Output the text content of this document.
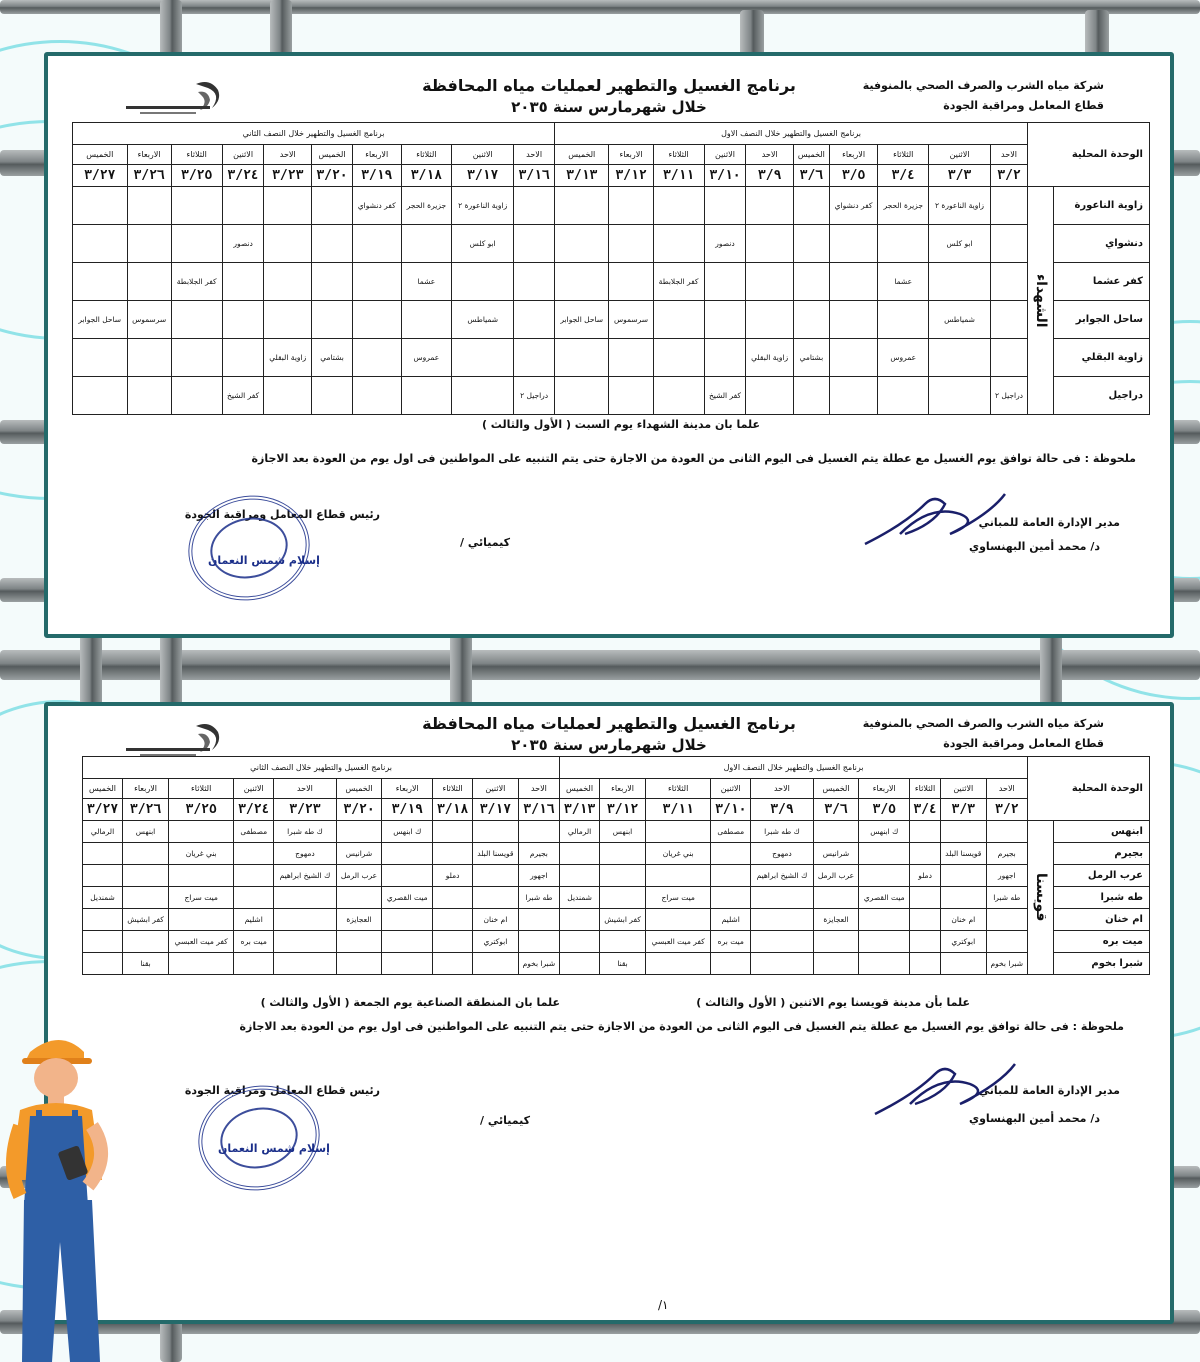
شركة مياه الشرب والصرف الصحي بالمنوفية
قطاع المعامل ومراقبة الجودة
برنامج الغسيل والتطهير لعمليات مياه المحافظة
خلال شهرمارس سنة ٢٠٣٥
الوحدة المحلية		برنامج الغسيل والتطهير خلال النصف الاول										برنامج الغسيل والتطهير خلال النصف الثاني									
		الاحد	الاثنين	الثلاثاء	الاربعاء	الخميس	الاحد	الاثنين	الثلاثاء	الاربعاء	الخميس	الاحد	الاثنين	الثلاثاء	الاربعاء	الخميس	الاحد	الاثنين	الثلاثاء	الاربعاء	الخميس
		٣/٢	٣/٣	٣/٤	٣/٥	٣/٦	٣/٩	٣/١٠	٣/١١	٣/١٢	٣/١٣	٣/١٦	٣/١٧	٣/١٨	٣/١٩	٣/٢٠	٣/٢٣	٣/٢٤	٣/٢٥	٣/٢٦	٣/٢٧
زاوية الناعورة	الشهداء		زاوية الناعورة ٢	جزيرة الحجر	كفر دنشواي								زاوية الناعورة ٢	جزيرة الحجر	كفر دنشواي						
دنشواي			ابو كلس					دنصور					ابو كلس					دنصور			
كفر عشما				عشما					كفر الجلابطة					عشما					كفر الجلابطة		
ساحل الجوابر			شمياطس							سرسموس	ساحل الجوابر		شمياطس							سرسموس	ساحل الجوابر
زاوية البقلي				عمروس		بشتامي	زاوية البقلي							عمروس		بشتامي	زاوية البقلي				
دراجيل		دراجيل ٢						كفر الشيخ				دراجيل ٢						كفر الشيخ			
علما بان مدينة الشهداء يوم السبت ( الأول والثالث )
ملحوظة : فى حالة توافق يوم الغسيل مع عطلة يتم الغسيل فى اليوم الثانى من العودة من الاجازة حتى يتم التنبيه على المواطنين فى اول يوم من العودة بعد الاجازة
مدير الإدارة العامة للمباني
د/ محمد أمين البهنساوي
رئيس قطاع المعامل ومراقبة الجودة
كيميائي /
إسلام شمس النعمان
شركة مياه الشرب والصرف الصحي بالمنوفية
قطاع المعامل ومراقبة الجودة
برنامج الغسيل والتطهير لعمليات مياه المحافظة
خلال شهرمارس سنة ٢٠٣٥
الوحدة المحلية		برنامج الغسيل والتطهير خلال النصف الاول										برنامج الغسيل والتطهير خلال النصف الثاني									
		الاحد	الاثنين	الثلاثاء	الاربعاء	الخميس	الاحد	الاثنين	الثلاثاء	الاربعاء	الخميس	الاحد	الاثنين	الثلاثاء	الاربعاء	الخميس	الاحد	الاثنين	الثلاثاء	الاربعاء	الخميس
		٣/٢	٣/٣	٣/٤	٣/٥	٣/٦	٣/٩	٣/١٠	٣/١١	٣/١٢	٣/١٣	٣/١٦	٣/١٧	٣/١٨	٣/١٩	٣/٢٠	٣/٢٣	٣/٢٤	٣/٢٥	٣/٢٦	٣/٢٧
ابنهس	قويسنا				ك ابنهس		ك طه شبرا	مصطفى		ابنهس	الرمالي				ك ابنهس		ك طه شبرا	مصطفى		ابنهس	الرمالي
بجيرم		بجيرم	قويسنا البلد			شرانيس	دمهوج		بني غريان			بجيرم	قويسنا البلد			شرانيس	دمهوج		بني غريان		
عرب الرمل		اجهور		دملو		عرب الرمل	ك الشيخ ابراهيم					اجهور		دملو		عرب الرمل	ك الشيخ ابراهيم				
طه شبرا		طه شبرا			ميت القصري				ميت سراج		شمنديل	طه شبرا			ميت القصري				ميت سراج		شمنديل
ام خنان			ام خنان			العجايزة		اشليم		كفر ابشيش			ام خنان			العجايزة		اشليم		كفر ابشيش	
ميت بره			ابوكتري					ميت بره	كفر ميت العبسي				ابوكتري					ميت بره	كفر ميت العبسي		
شبرا بخوم		شبرا بخوم								بقنا		شبرا بخوم								بقنا	
علما بأن مدينة قويسنا يوم الاثنين ( الأول والثالث )
علما بان المنطقة الصناعية يوم الجمعة ( الأول والثالث )
ملحوظة : فى حالة توافق يوم الغسيل مع عطلة يتم الغسيل فى اليوم الثانى من العودة من الاجازة حتى يتم التنبيه على المواطنين فى اول يوم من العودة بعد الاجازة
مدير الإدارة العامة للمباني
د/ محمد أمين البهنساوي
رئيس قطاع المعامل ومراقبة الجودة
كيميائي /
إسلام شمس النعمان
١/
